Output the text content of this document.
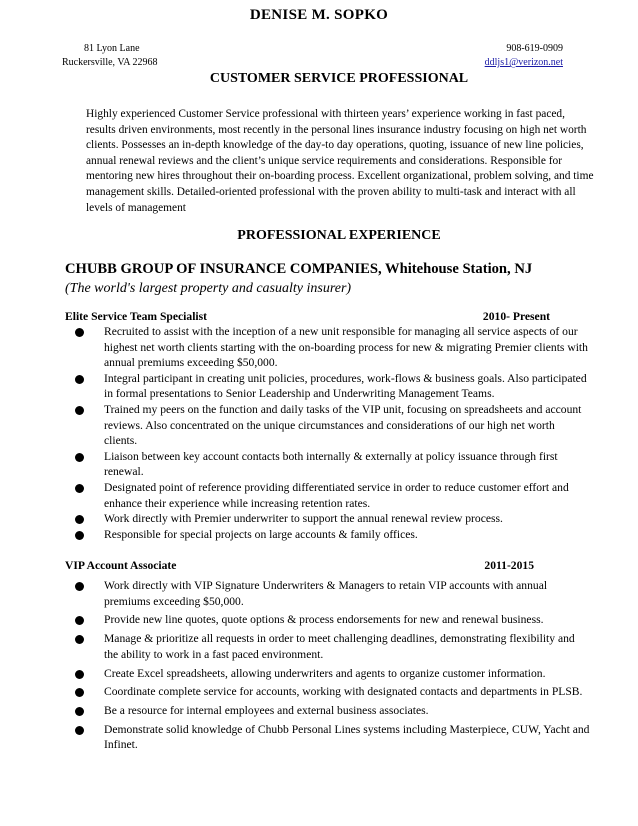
DENISE M. SOPKO
81 Lyon Lane
Ruckersville, VA 22968
908-619-0909
ddljs1@verizon.net
CUSTOMER SERVICE PROFESSIONAL
Highly experienced Customer Service professional with thirteen years’ experience working in fast paced, results driven environments, most recently in the personal lines insurance industry focusing on high net worth clients. Possesses an in-depth knowledge of the day-to day operations, quoting, issuance of new line policies, annual renewal reviews and the client’s unique service requirements and considerations. Responsible for mentoring new hires throughout their on-boarding process. Excellent organizational, problem solving, and time management skills. Detailed-oriented professional with the proven ability to multi-task and interact with all levels of management
PROFESSIONAL EXPERIENCE
CHUBB GROUP OF INSURANCE COMPANIES, Whitehouse Station, NJ
(The world's largest property and casualty insurer)
Elite Service Team Specialist	2010- Present
Recruited to assist with the inception of a new unit responsible for managing all service aspects of our highest net worth clients starting with the on-boarding process for new & migrating Premier clients with annual premiums exceeding $50,000.
Integral participant in creating unit policies, procedures, work-flows & business goals. Also participated in formal presentations to Senior Leadership and Underwriting Management Teams.
Trained my peers on the function and daily tasks of the VIP unit, focusing on spreadsheets and account reviews. Also concentrated on the unique circumstances and considerations of our high net worth clients.
Liaison between key account contacts both internally & externally at policy issuance through first renewal.
Designated point of reference providing differentiated service in order to reduce customer effort and enhance their experience while increasing retention rates.
Work directly with Premier underwriter to support the annual renewal review process.
Responsible for special projects on large accounts & family offices.
VIP Account Associate	2011-2015
Work directly with VIP Signature Underwriters & Managers to retain VIP accounts with annual premiums exceeding $50,000.
Provide new line quotes, quote options & process endorsements for new and renewal business.
Manage & prioritize all requests in order to meet challenging deadlines, demonstrating flexibility and the ability to work in a fast paced environment.
Create Excel spreadsheets, allowing underwriters and agents to organize customer information.
Coordinate complete service for accounts, working with designated contacts and departments in PLSB.
Be a resource for internal employees and external business associates.
Demonstrate solid knowledge of Chubb Personal Lines systems including Masterpiece, CUW, Yacht and Infinet.
